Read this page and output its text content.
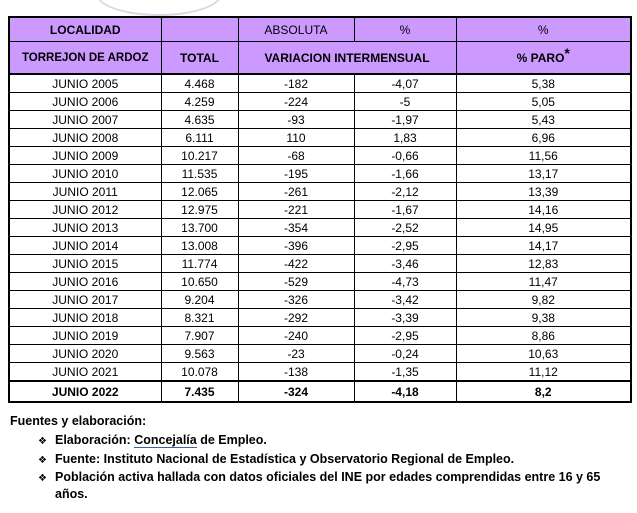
LOCALIDAD		ABSOLUTA	%	%
TORREJON DE ARDOZ	TOTAL	VARIACION INTERMENSUAL		% PARO*
JUNIO 2005	4.468	-182	-4,07	5,38
JUNIO 2006	4.259	-224	-5	5,05
JUNIO 2007	4.635	-93	-1,97	5,43
JUNIO 2008	6.111	110	1,83	6,96
JUNIO 2009	10.217	-68	-0,66	11,56
JUNIO 2010	11.535	-195	-1,66	13,17
JUNIO 2011	12.065	-261	-2,12	13,39
JUNIO 2012	12.975	-221	-1,67	14,16
JUNIO 2013	13.700	-354	-2,52	14,95
JUNIO 2014	13.008	-396	-2,95	14,17
JUNIO 2015	11.774	-422	-3,46	12,83
JUNIO 2016	10.650	-529	-4,73	11,47
JUNIO 2017	9.204	-326	-3,42	9,82
JUNIO 2018	8.321	-292	-3,39	9,38
JUNIO 2019	7.907	-240	-2,95	8,86
JUNIO 2020	9.563	-23	-0,24	10,63
JUNIO 2021	10.078	-138	-1,35	11,12
JUNIO 2022	7.435	-324	-4,18	8,2
Fuentes y elaboración:
❖ Elaboración: Concejalía de Empleo.
❖ Fuente: Instituto Nacional de Estadística y Observatorio Regional de Empleo.
❖ Población activa hallada con datos oficiales del INE por edades comprendidas entre 16 y 65 años.
